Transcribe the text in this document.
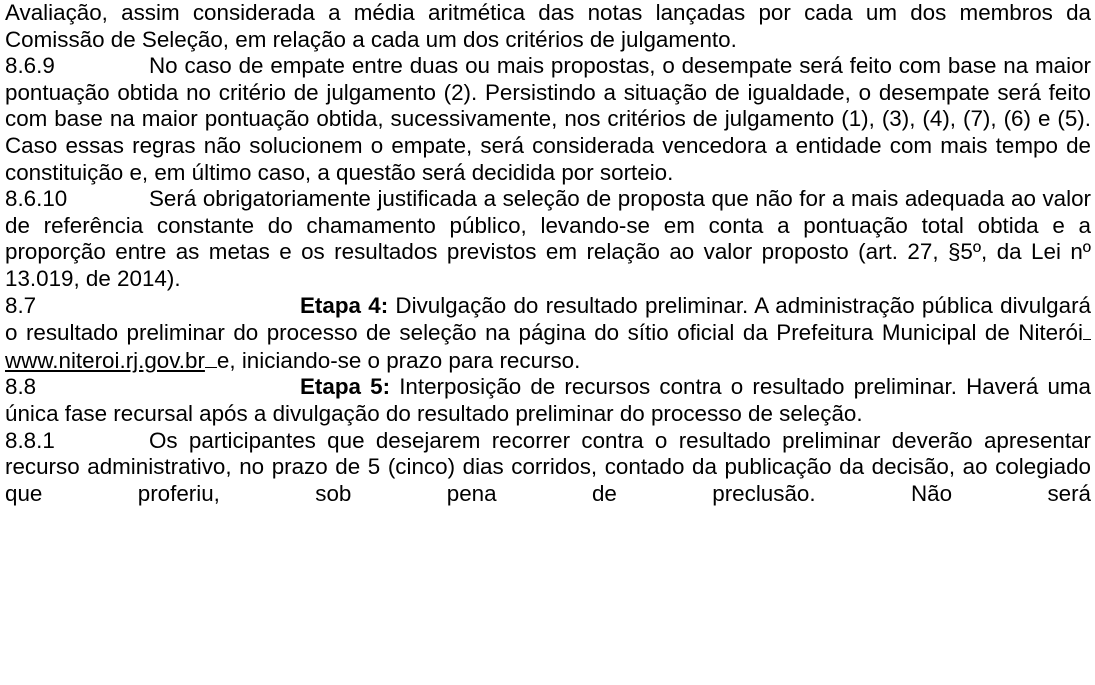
Avaliação, assim considerada a média aritmética das notas lançadas por cada um dos membros da Comissão de Seleção, em relação a cada um dos critérios de julgamento.

8.6.9	No caso de empate entre duas ou mais propostas, o desempate será feito com base na maior pontuação obtida no critério de julgamento (2). Persistindo a situação de igualdade, o desempate será feito com base na maior pontuação obtida, sucessivamente, nos critérios de julgamento (1), (3), (4), (7), (6) e (5). Caso essas regras não solucionem o empate, será considerada vencedora a entidade com mais tempo de constituição e, em último caso, a questão será decidida por sorteio.

8.6.10	Será obrigatoriamente justificada a seleção de proposta que não for a mais adequada ao valor de referência constante do chamamento público, levando-se em conta a pontuação total obtida e a proporção entre as metas e os resultados previstos em relação ao valor proposto (art. 27, §5º, da Lei nº 13.019, de 2014).

8.7	Etapa 4: Divulgação do resultado preliminar. A administração pública divulgará o resultado preliminar do processo de seleção na página do sítio oficial da Prefeitura Municipal de Niteróiwww.niteroi.rj.gov.br e, iniciando-se o prazo para recurso.

8.8	Etapa 5: Interposição de recursos contra o resultado preliminar. Haverá uma única fase recursal após a divulgação do resultado preliminar do processo de seleção.

8.8.1	Os participantes que desejarem recorrer contra o resultado preliminar deverão apresentar recurso administrativo, no prazo de 5 (cinco) dias corridos, contado da publicação da decisão, ao colegiado que proferiu, sob pena de preclusão. Não será
